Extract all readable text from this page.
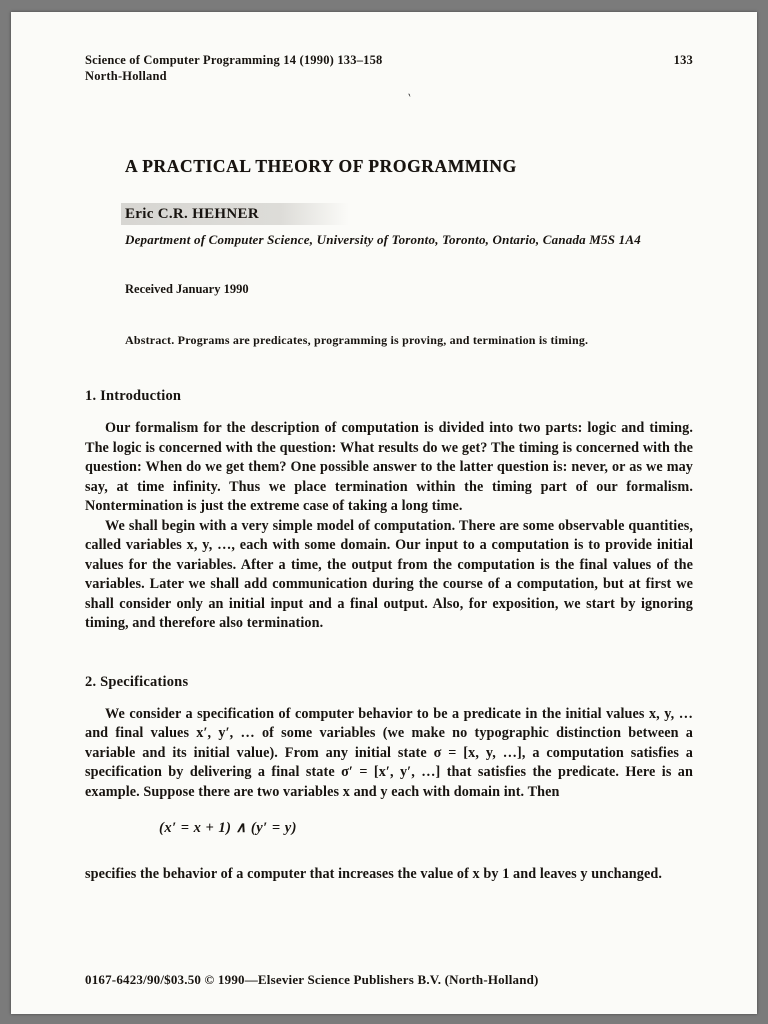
Science of Computer Programming 14 (1990) 133–158
North-Holland
133
‵
A PRACTICAL THEORY OF PROGRAMMING
Eric C.R. HEHNER
Department of Computer Science, University of Toronto, Toronto, Ontario, Canada M5S 1A4
Received January 1990
Abstract. Programs are predicates, programming is proving, and termination is timing.
1. Introduction

Our formalism for the description of computation is divided into two parts: logic and timing. The logic is concerned with the question: What results do we get? The timing is concerned with the question: When do we get them? One possible answer to the latter question is: never, or as we may say, at time infinity. Thus we place termination within the timing part of our formalism. Nontermination is just the extreme case of taking a long time.

We shall begin with a very simple model of computation. There are some observable quantities, called variables x, y, …, each with some domain. Our input to a computation is to provide initial values for the variables. After a time, the output from the computation is the final values of the variables. Later we shall add communication during the course of a computation, but at first we shall consider only an initial input and a final output. Also, for exposition, we start by ignoring timing, and therefore also termination.

2. Specifications

We consider a specification of computer behavior to be a predicate in the initial values x, y, … and final values x′, y′, … of some variables (we make no typographic distinction between a variable and its initial value). From any initial state σ = [x, y, …], a computation satisfies a specification by delivering a final state σ′ = [x′, y′, …] that satisfies the predicate. Here is an example. Suppose there are two variables x and y each with domain int. Then

(x′ = x + 1) ∧ (y′ = y)

specifies the behavior of a computer that increases the value of x by 1 and leaves y unchanged.

0167-6423/90/$03.50 © 1990—Elsevier Science Publishers B.V. (North-Holland)
